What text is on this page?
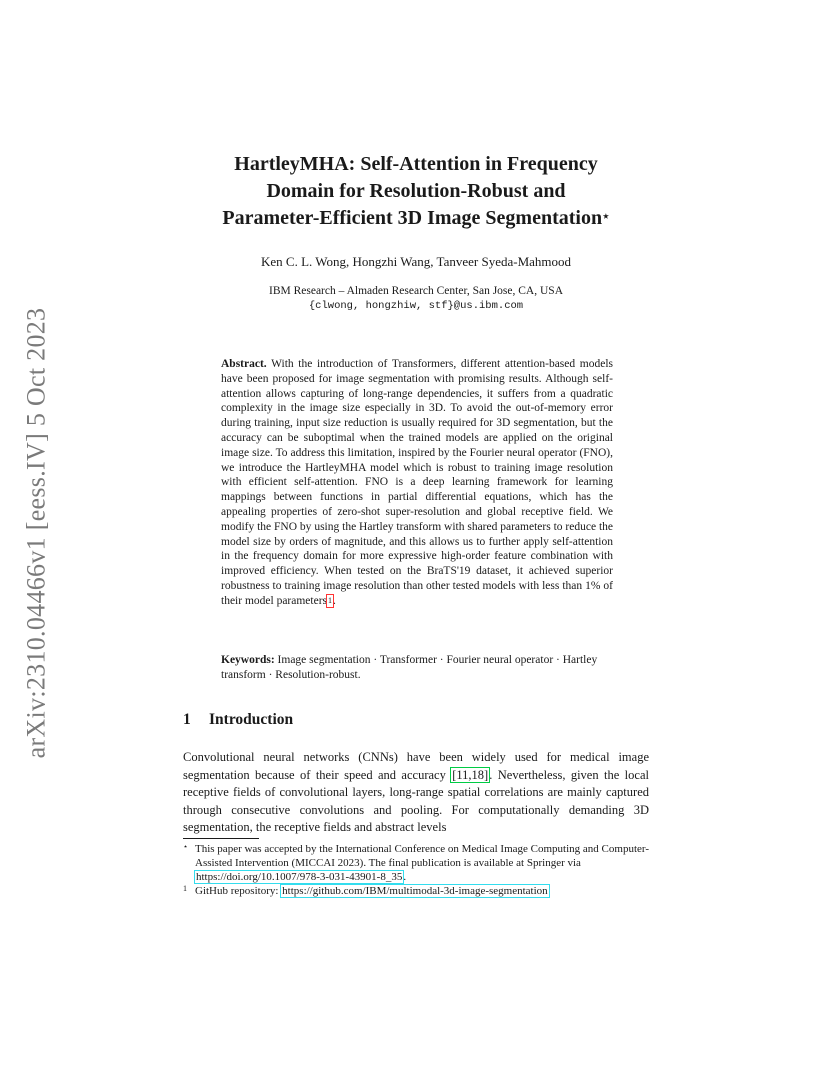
arXiv:2310.04466v1 [eess.IV] 5 Oct 2023
HartleyMHA: Self-Attention in Frequency
Domain for Resolution-Robust and
Parameter-Efficient 3D Image Segmentation⋆
Ken C. L. Wong, Hongzhi Wang, Tanveer Syeda-Mahmood
IBM Research – Almaden Research Center, San Jose, CA, USA
{clwong, hongzhiw, stf}@us.ibm.com
Abstract. With the introduction of Transformers, different attention-based models have been proposed for image segmentation with promising results. Although self-attention allows capturing of long-range dependencies, it suffers from a quadratic complexity in the image size especially in 3D. To avoid the out-of-memory error during training, input size reduction is usually required for 3D segmentation, but the accuracy can be suboptimal when the trained models are applied on the original image size. To address this limitation, inspired by the Fourier neural operator (FNO), we introduce the HartleyMHA model which is robust to training image resolution with efficient self-attention. FNO is a deep learning framework for learning mappings between functions in partial differential equations, which has the appealing properties of zero-shot super-resolution and global receptive field. We modify the FNO by using the Hartley transform with shared parameters to reduce the model size by orders of magnitude, and this allows us to further apply self-attention in the frequency domain for more expressive high-order feature combination with improved efficiency. When tested on the BraTS'19 dataset, it achieved superior robustness to training image resolution than other tested models with less than 1% of their model parameters$^1$.
Keywords: Image segmentation · Transformer · Fourier neural operator · Hartley transform · Resolution-robust.
1 Introduction
Convolutional neural networks (CNNs) have been widely used for medical image segmentation because of their speed and accuracy [11,18]. Nevertheless, given the local receptive fields of convolutional layers, long-range spatial correlations are mainly captured through consecutive convolutions and pooling. For computationally demanding 3D segmentation, the receptive fields and abstract levels
⋆ This paper was accepted by the International Conference on Medical Image Computing and Computer-Assisted Intervention (MICCAI 2023). The final publication is available at Springer via https://doi.org/10.1007/978-3-031-43901-8_35.
1 GitHub repository: https://github.com/IBM/multimodal-3d-image-segmentation
